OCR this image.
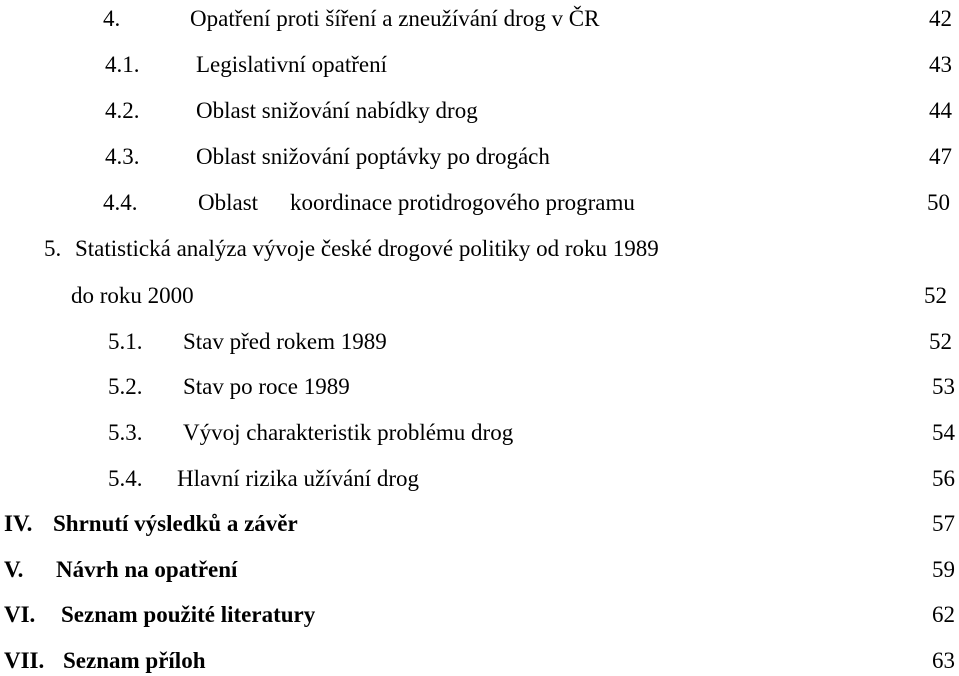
4.	Opatření proti šíření a zneužívání drog v ČR	42
4.1. Legislativní opatření	43
4.2. Oblast snižování nabídky drog	44
4.3. Oblast snižování poptávky po drogách	47
4.4.	Oblast koordinace protidrogového programu	50
5. Statistická analýza vývoje české drogové politiky od roku 1989
do roku 2000	52
5.1. Stav před rokem 1989	52
5.2. Stav po roce 1989	53
5.3. Vývoj charakteristik problému drog	54
5.4. Hlavní rizika užívání drog	56
IV. Shrnutí výsledků a závěr	57
V. Návrh na opatření	59
VI. Seznam použité literatury	62
VII. Seznam příloh	63
